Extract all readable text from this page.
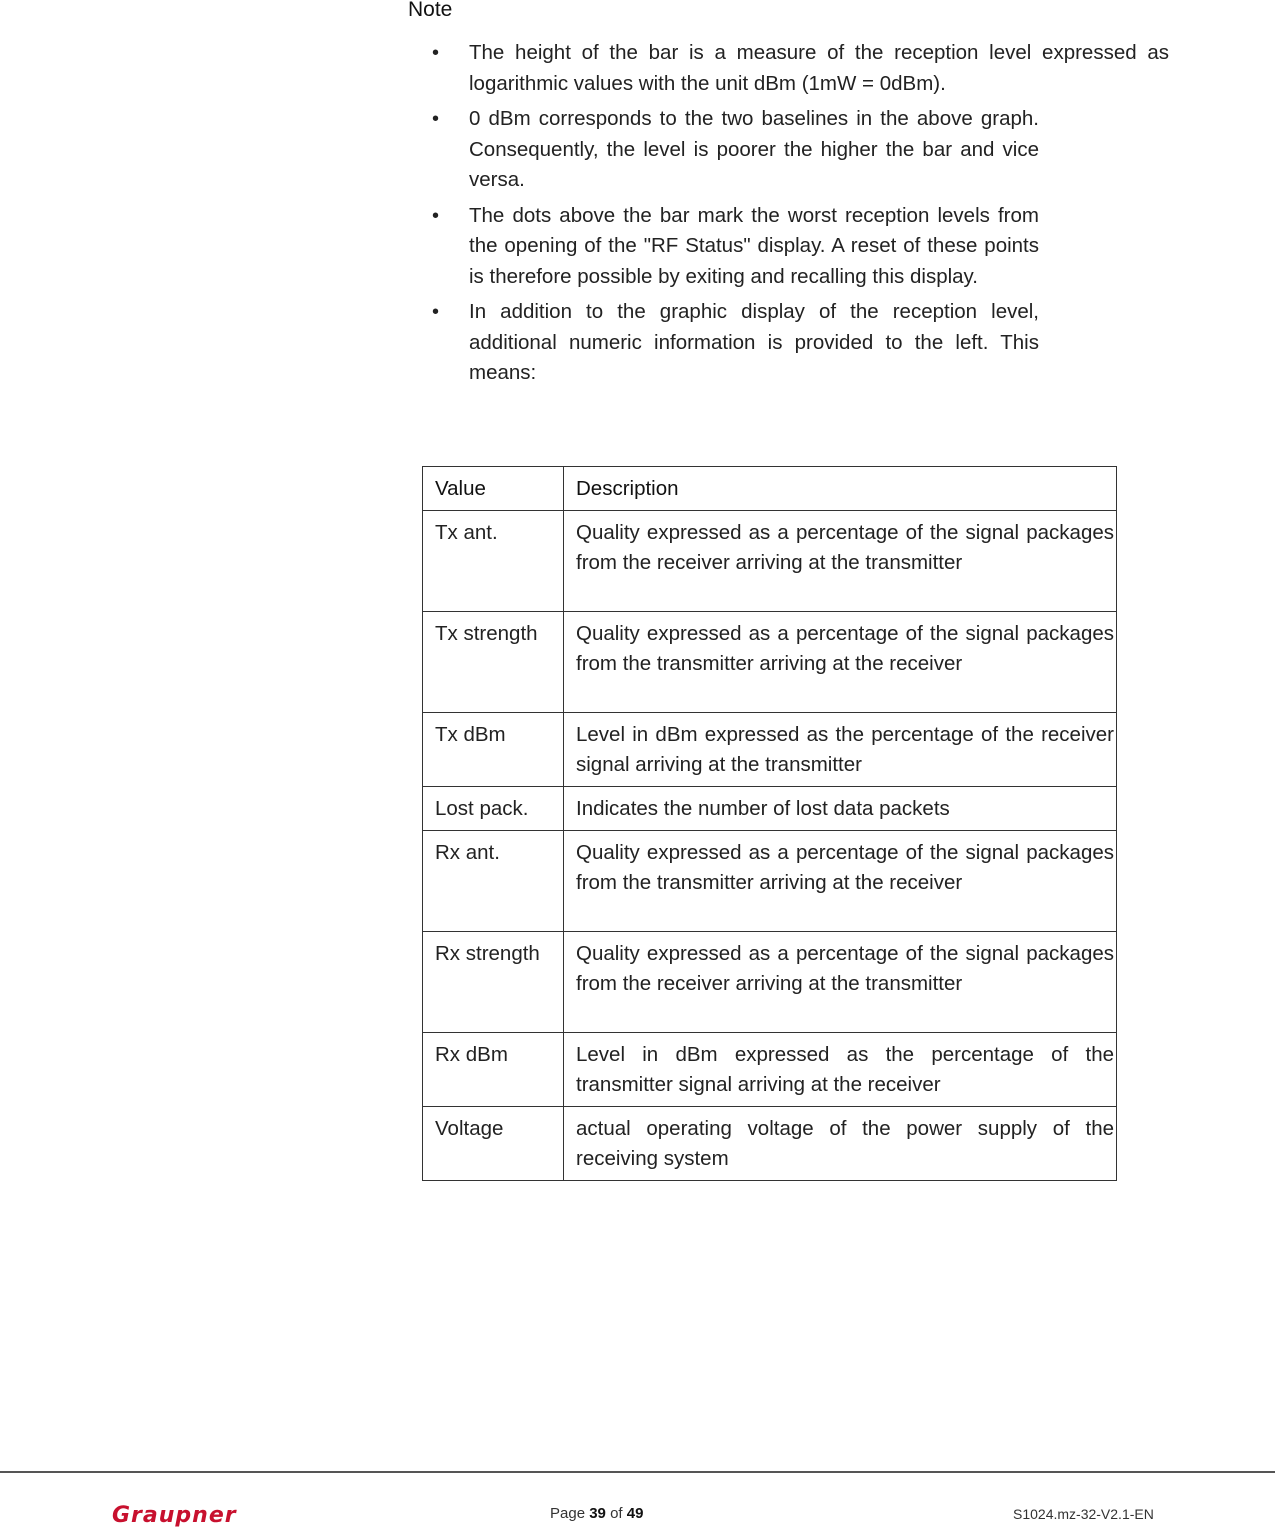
Note
• The height of the bar is a measure of the reception level expressed as logarithmic values with the unit dBm (1mW = 0dBm).
• 0 dBm corresponds to the two baselines in the above graph. Consequently, the level is poorer the higher the bar and vice versa.
• The dots above the bar mark the worst reception levels from the opening of the "RF Status" display. A reset of these points is therefore possible by exiting and recalling this display.
• In addition to the graphic display of the reception level, additional numeric information is provided to the left. This means:
Value	Description
Tx ant.	Quality expressed as a percentage of the signal packages from the receiver arriving at the transmitter
Tx strength	Quality expressed as a percentage of the signal packages from the transmitter arriving at the receiver
Tx dBm	Level in dBm expressed as the percentage of the receiver signal arriving at the transmitter
Lost pack.	Indicates the number of lost data packets
Rx ant.	Quality expressed as a percentage of the signal packages from the transmitter arriving at the receiver
Rx strength	Quality expressed as a percentage of the signal packages from the receiver arriving at the transmitter
Rx dBm	Level in dBm expressed as the percentage of the transmitter signal arriving at the receiver
Voltage	actual operating voltage of the power supply of the receiving system
Graupner	Page 39 of 49	S1024.mz-32-V2.1-EN
